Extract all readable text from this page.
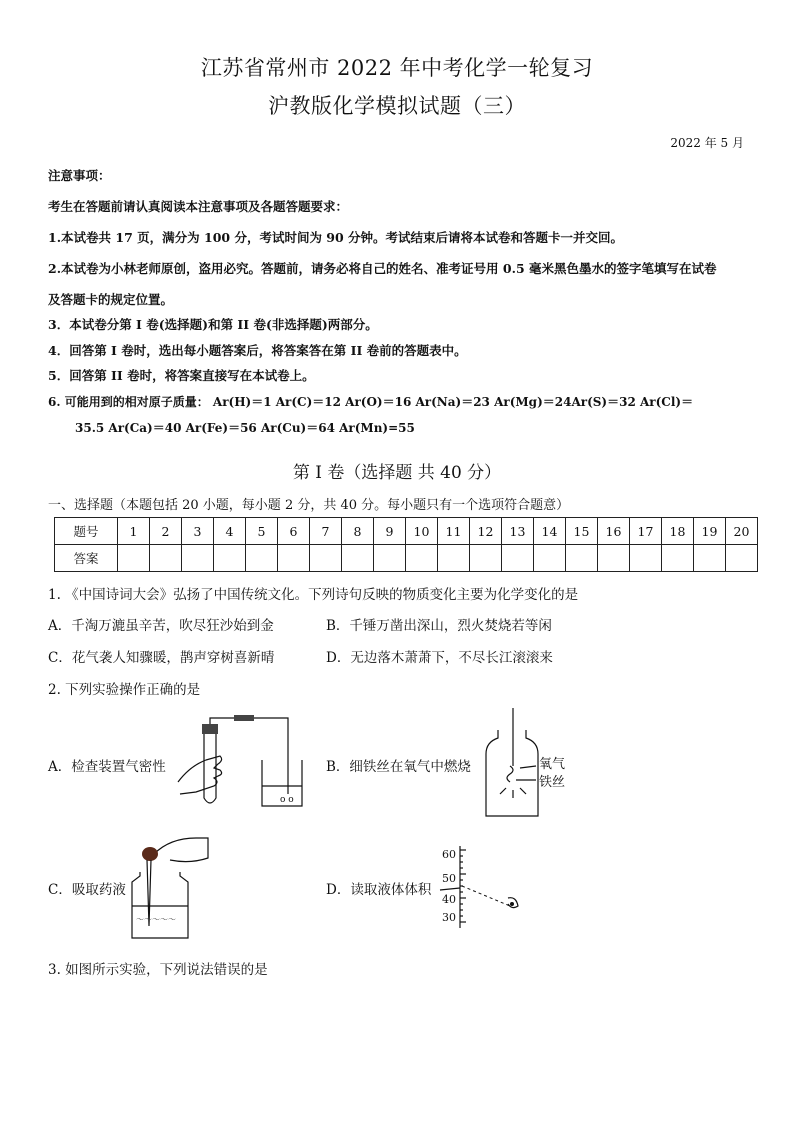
江苏省常州市 2022 年中考化学一轮复习
沪教版化学模拟试题（三）
2022 年 5 月
注意事项：
考生在答题前请认真阅读本注意事项及各题答题要求：
1.本试卷共 17 页，满分为 100 分，考试时间为 90 分钟。考试结束后请将本试卷和答题卡一并交回。
2.本试卷为小林老师原创，盗用必究。答题前，请务必将自己的姓名、准考证号用 0.5 毫米黑色墨水的签字笔填写在试卷
及答题卡的规定位置。
3．本试卷分第 I 卷(选择题)和第 II 卷(非选择题)两部分。
4．回答第 I 卷时，选出每小题答案后，将答案答在第 II 卷前的答题表中。
5．回答第 II 卷时，将答案直接写在本试卷上。
6. 可能用到的相对原子质量： Ar(H)＝1 Ar(C)＝12 Ar(O)＝16 Ar(Na)＝23 Ar(Mg)＝24Ar(S)＝32 Ar(Cl)＝
35.5 Ar(Ca)＝40 Ar(Fe)＝56 Ar(Cu)＝64 Ar(Mn)=55
第 I 卷（选择题 共 40 分）
一、选择题（本题包括 20 小题，每小题 2 分，共 40 分。每小题只有一个选项符合题意）
题号	1	2	3	4	5	6	7	8	9	10	11	12	13	14	15	16	17	18	19	20
答案																				
1. 《中国诗词大会》弘扬了中国传统文化。下列诗句反映的物质变化主要为化学变化的是
A．千淘万漉虽辛苦，吹尽狂沙始到金	B．千锤万凿出深山，烈火焚烧若等闲
C．花气袭人知骤暖，鹊声穿树喜新晴	D．无边落木萧萧下，不尽长江滚滚来
2. 下列实验操作正确的是
A．检查装置气密性
o o
B．细铁丝在氧气中燃烧	氧气
铁丝
C．吸取药液
～～～～～
D．读取液体体积
60
50
40
30
3. 如图所示实验，下列说法错误的是
